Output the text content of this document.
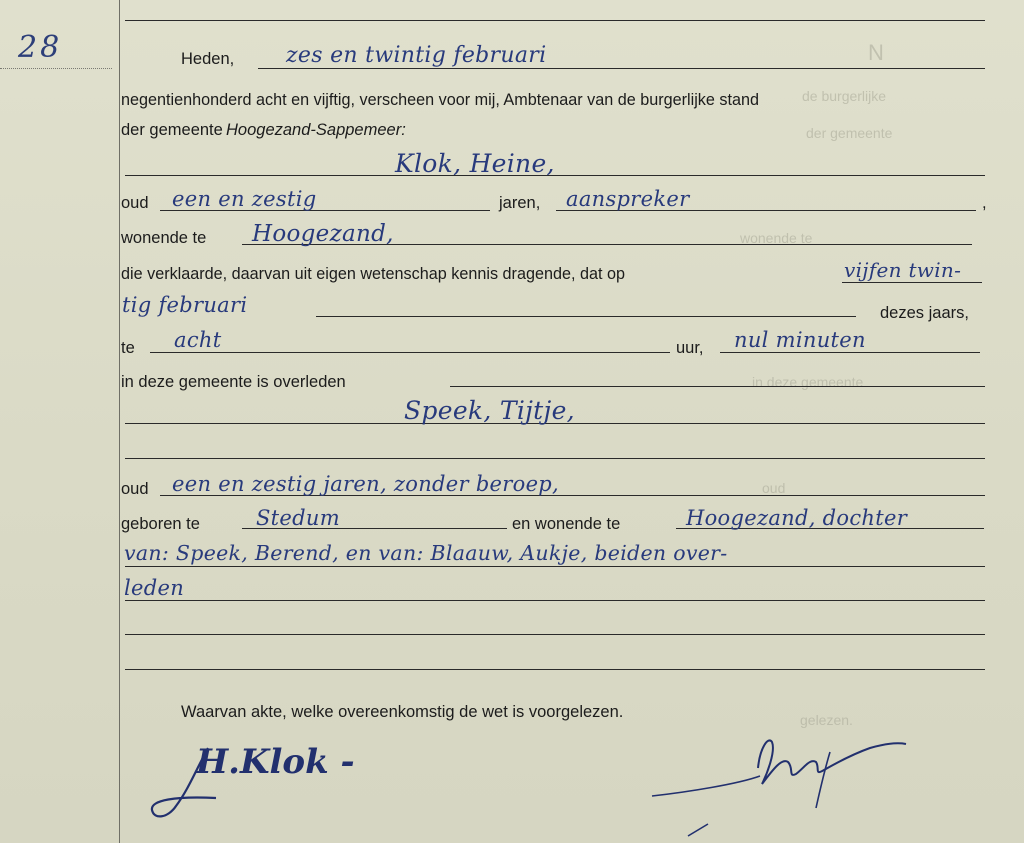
N
de burgerlijke
der gemeente
wonende te
in deze gemeente
oud
gelezen.
28	Heden, zes en twintig februari
negentienhonderd acht en vijftig, verscheen voor mij, Ambtenaar van de burgerlijke stand
der gemeente Hoogezand-Sappemeer:
Klok, Heine,
oud een en zestig	jaren, aanspreker	,
wonende te Hoogezand,
die verklaarde, daarvan uit eigen wetenschap kennis dragende, dat op	vijfen twin-
tig februari	dezes jaars,
te acht	uur, nul minuten
in deze gemeente is overleden
Speek, Tijtje,
oud een en zestig jaren, zonder beroep,
geboren te	Stedum	en wonende te	Hoogezand, dochter
van: Speek, Berend, en van: Blaauw, Aukje, beiden over-
leden
Waarvan akte, welke overeenkomstig de wet is voorgelezen.
H.Klok -
